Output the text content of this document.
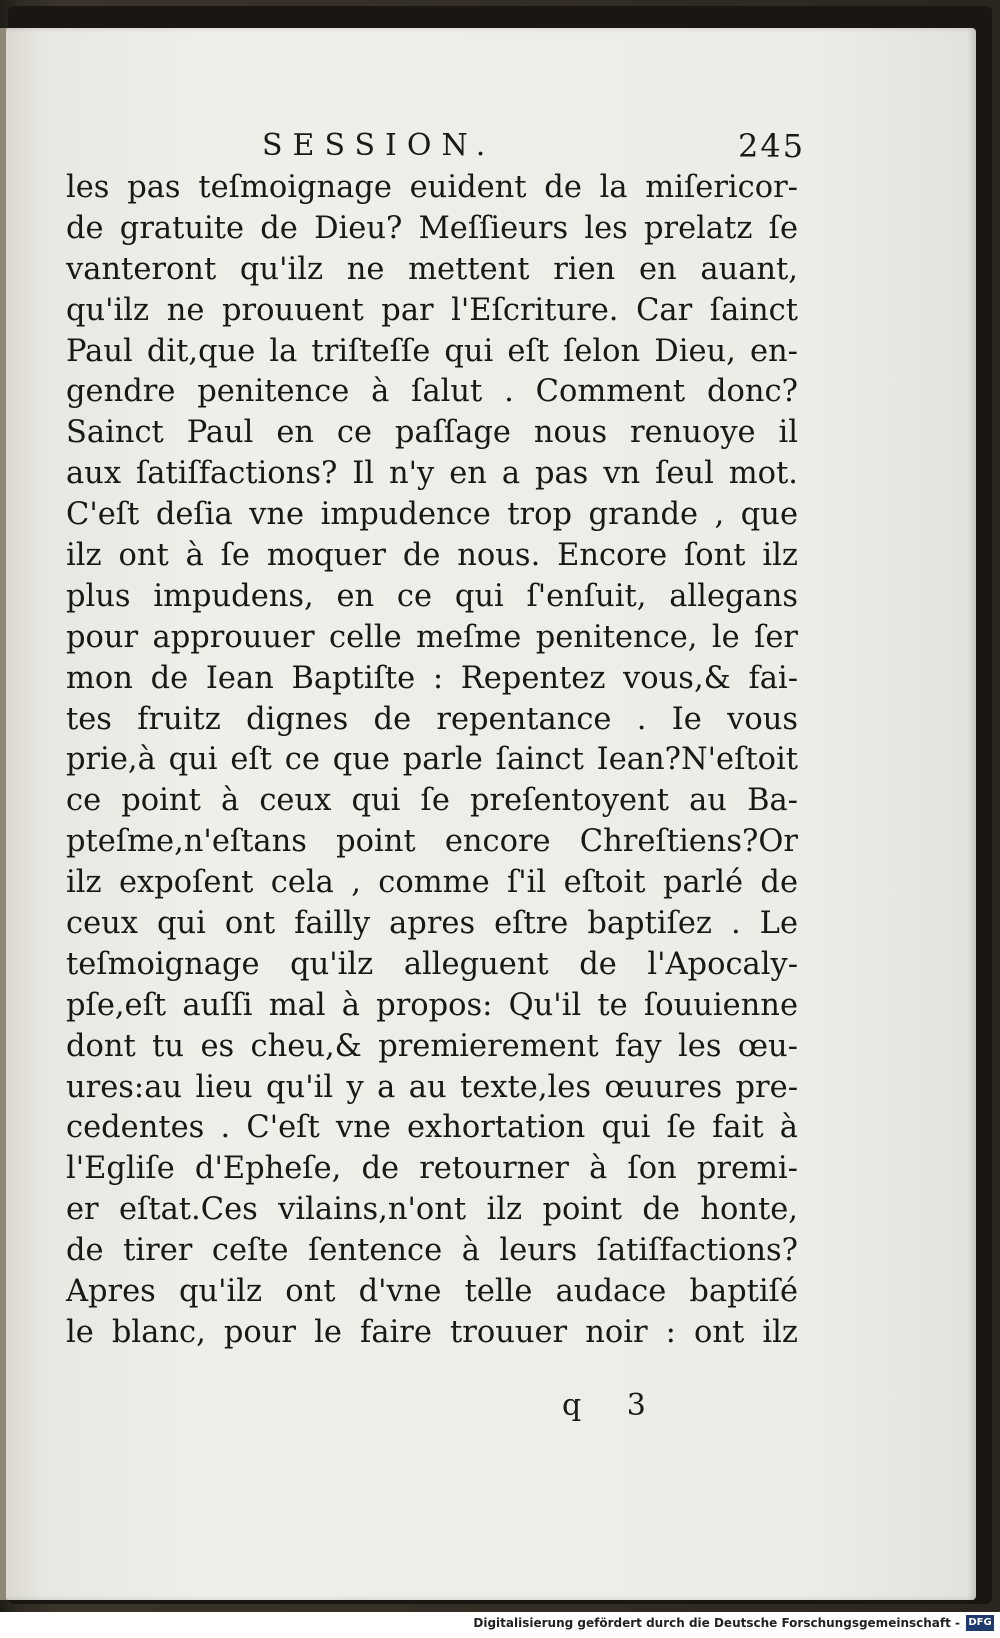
SESSION.	245
les pas teſmoignage euident de la miſericor-
de gratuite de Dieu? Meſſieurs les prelatz ſe
vanteront qu'ilz ne mettent rien en auant,
qu'ilz ne prouuent par l'Eſcriture. Car ſainct
Paul dit,que la triſteſſe qui eſt ſelon Dieu, en-
gendre penitence à ſalut . Comment donc?
Sainct Paul en ce paſſage nous renuoye il
aux ſatiſfactions? Il n'y en a pas vn ſeul mot.
C'eſt deſia vne impudence trop grande , que
ilz ont à ſe moquer de nous. Encore ſont ilz
plus impudens, en ce qui ſ'enſuit, allegans
pour approuuer celle meſme penitence, le ſer
mon de Iean Baptiſte : Repentez vous,& fai-
tes fruitz dignes de repentance . Ie vous
prie,à qui eſt ce que parle ſainct Iean?N'eſtoit
ce point à ceux qui ſe preſentoyent au Ba-
pteſme,n'eſtans point encore Chreſtiens?Or
ilz expoſent cela , comme ſ'il eſtoit parlé de
ceux qui ont failly apres eſtre baptiſez . Le
teſmoignage qu'ilz alleguent de l'Apocaly-
pſe,eſt auſſi mal à propos: Qu'il te ſouuienne
dont tu es cheu,& premierement fay les œu-
ures:au lieu qu'il y a au texte,les œuures pre-
cedentes . C'eſt vne exhortation qui ſe fait à
l'Egliſe d'Epheſe, de retourner à ſon premi-
er eſtat.Ces vilains,n'ont ilz point de honte,
de tirer ceſte ſentence à leurs ſatiſfactions?
Apres qu'ilz ont d'vne telle audace baptiſé
le blanc, pour le faire trouuer noir : ont ilz
q 3
Digitalisierung gefördert durch die Deutsche Forschungsgemeinschaft - DFG
